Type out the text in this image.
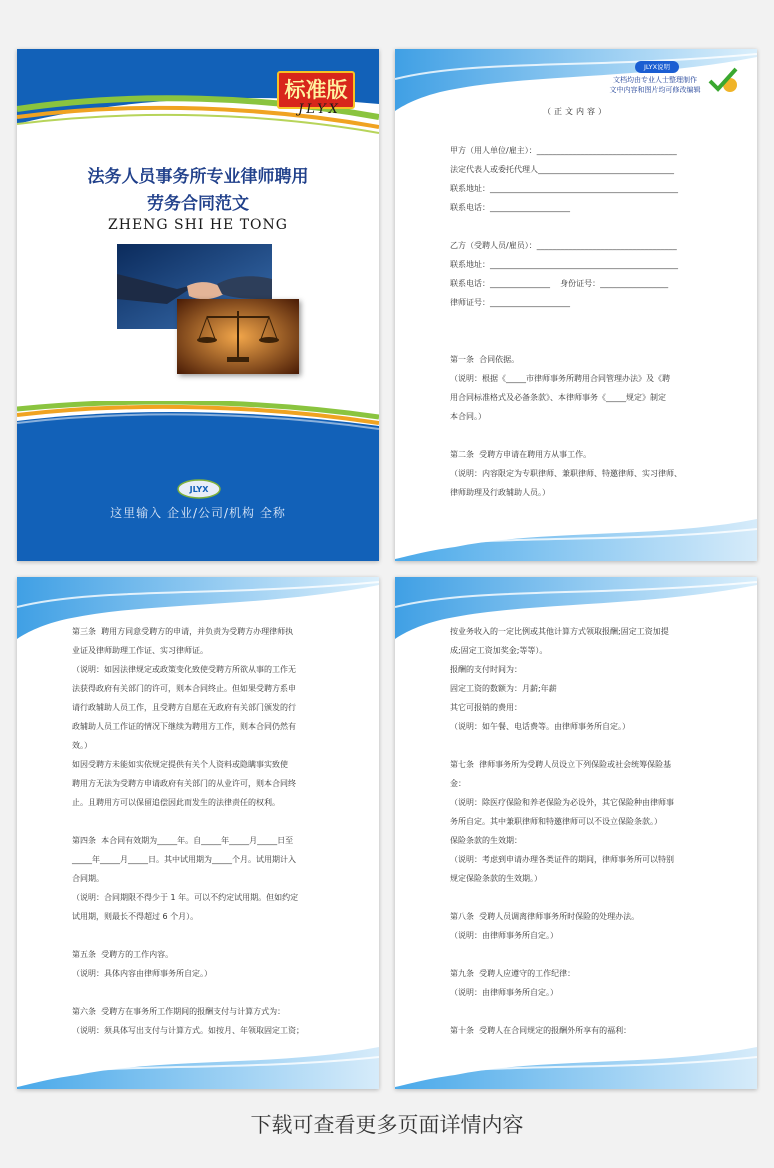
标准版
JLYX
法务人员事务所专业律师聘用
劳务合同范文
ZHENG SHI HE TONG
JLYX
这里输入 企业/公司/机构 全称
JLYX说明
文档均由专业人士整理制作
文中内容和图片均可修改编辑
（正文内容）

甲方（用人单位/雇主）：___________________________________

法定代表人或委托代理人__________________________________

联系地址：_______________________________________________

联系电话：____________________

乙方（受聘人员/雇员）：___________________________________

联系地址：_______________________________________________

联系电话：_______________    身份证号：_________________

律师证号：____________________

第一条  合同依据。

（说明：根据《_____市律师事务所聘用合同管理办法》及《聘

用合同标准格式及必备条款》、本律师事务《_____规定》制定

本合同。）

第二条  受聘方申请在聘用方从事工作。

（说明：内容限定为专职律师、兼职律师、特邀律师、实习律师、

律师助理及行政辅助人员。）

第三条  聘用方同意受聘方的申请，并负责为受聘方办理律师执

业证及律师助理工作证、实习律师证。

（说明：如因法律规定或政策变化致使受聘方所欲从事的工作无

法获得政府有关部门的许可，则本合同终止。但如果受聘方系申

请行政辅助人员工作，且受聘方自愿在无政府有关部门颁发的行

政辅助人员工作证的情况下继续为聘用方工作，则本合同仍然有

效。）

如因受聘方未能如实依规定提供有关个人资料或隐瞒事实致使

聘用方无法为受聘方申请政府有关部门的从业许可，则本合同终

止。且聘用方可以保留追偿因此而发生的法律责任的权利。

第四条  本合同有效期为_____年。自_____年_____月_____日至

_____年_____月_____日。其中试用期为_____个月。试用期计入

合同期。

（说明：合同期限不得少于 1 年。可以不约定试用期。但如约定

试用期，则最长不得超过 6 个月）。

第五条  受聘方的工作内容。

（说明：具体内容由律师事务所自定。）

第六条  受聘方在事务所工作期间的报酬支付与计算方式为：

（说明：须具体写出支付与计算方式。如按月、年领取固定工资；

按业务收入的一定比例或其他计算方式领取报酬;固定工资加提

成;固定工资加奖金;等等）。

报酬的支付时间为：

固定工资的数额为：月薪;年薪

其它可报销的费用：

（说明：如午餐、电话费等。由律师事务所自定。）

第七条  律师事务所为受聘人员设立下列保险或社会统筹保险基

金：

（说明：除医疗保险和养老保险为必设外，其它保险种由律师事

务所自定。其中兼职律师和特邀律师可以不设立保险条款。）

保险条款的生效期：

（说明：考虑到申请办理各类证件的期间，律师事务所可以特别

规定保险条款的生效期。）

第八条  受聘人员调离律师事务所时保险的处理办法。

（说明：由律师事务所自定。）

第九条  受聘人应遵守的工作纪律：

（说明：由律师事务所自定。）

第十条  受聘人在合同规定的报酬外所享有的福利：

下载可查看更多页面详情内容
